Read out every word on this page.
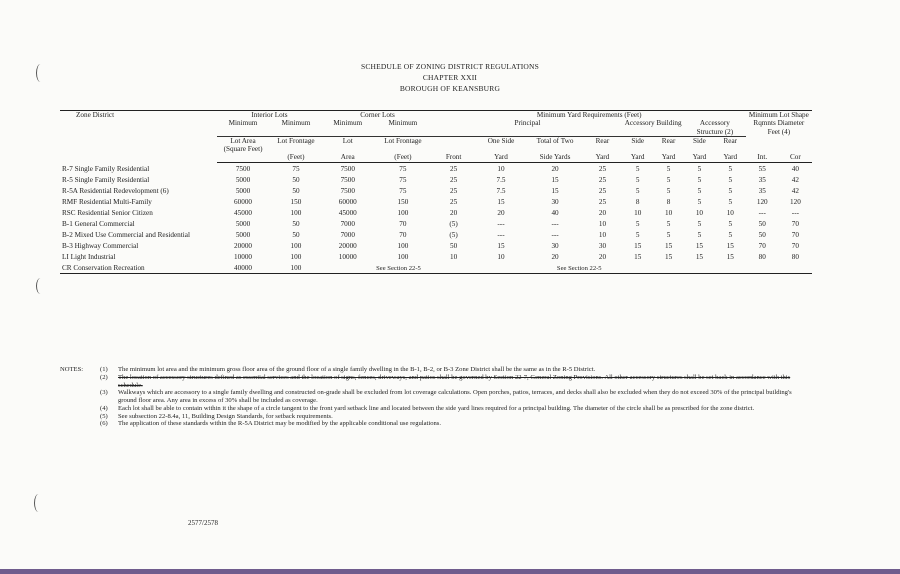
SCHEDULE OF ZONING DISTRICT REGULATIONS
CHAPTER XXII
BOROUGH OF KEANSBURG
Zone District	Interior Lots		Corner Lots		Minimum Yard Requirements (Feet)								Minimum Lot Shape Rqmnts Diameter Feet (4)	
	Minimum	Minimum	Minimum	Minimum	Principal				Accessory Building		Accessory Structure (2)			
	Lot Area (Square Feet)	Lot Frontage	Lot	Lot Frontage		One Side	Total of Two	Rear	Side	Rear	Side	Rear		

		(Feet)	Area	(Feet)	Front	Yard	Side Yards	Yard	Yard	Yard	Yard	Yard	Int.	Cor
R-7 Single Family Residential	7500	75	7500	75	25	10	20	25	5	5	5	5	55	40
R-5 Single Family Residential	5000	50	7500	75	25	7.5	15	25	5	5	5	5	35	42
R-5A Residential Redevelopment (6)	5000	50	7500	75	25	7.5	15	25	5	5	5	5	35	42
RMF Residential Multi-Family	60000	150	60000	150	25	15	30	25	8	8	5	5	120	120
RSC Residential Senior Citizen	45000	100	45000	100	20	20	40	20	10	10	10	10	---	---
B-1 General Commercial	5000	50	7000	70	(5)	---	---	10	5	5	5	5	50	70
B-2 Mixed Use Commercial and Residential	5000	50	7000	70	(5)	---	---	10	5	5	5	5	50	70
B-3 Highway Commercial	20000	100	20000	100	50	15	30	30	15	15	15	15	70	70
LI Light Industrial	10000	100	10000	100	10	10	20	20	15	15	15	15	80	80
CR Conservation Recreation	40000	100	See Section 22-5			See Section 22-5								
NOTES:	(1) The minimum lot area and the minimum gross floor area of the ground floor of a single family dwelling in the B-1, B-2, or B-3 Zone District shall be the same as in the R-5 District.
(2) The location of accessory structures defined as essential services and the location of signs, fences, driveways, and patios shall be governed by Section 22-7, General Zoning Provisions. All other accessory structures shall be set back in accordance with this schedule.
(3) Walkways which are accessory to a single family dwelling and constructed on-grade shall be excluded from lot coverage calculations. Open porches, patios, terraces, and decks shall also be excluded when they do not exceed 30% of the principal building's ground floor area. Any area in excess of 30% shall be included as coverage.
(4) Each lot shall be able to contain within it the shape of a circle tangent to the front yard setback line and located between the side yard lines required for a principal building. The diameter of the circle shall be as prescribed for the zone district.
(5) See subsection 22-8.4a, 11, Building Design Standards, for setback requirements.
(6) The application of these standards within the R-5A District may be modified by the applicable conditional use regulations.
2577/2578
